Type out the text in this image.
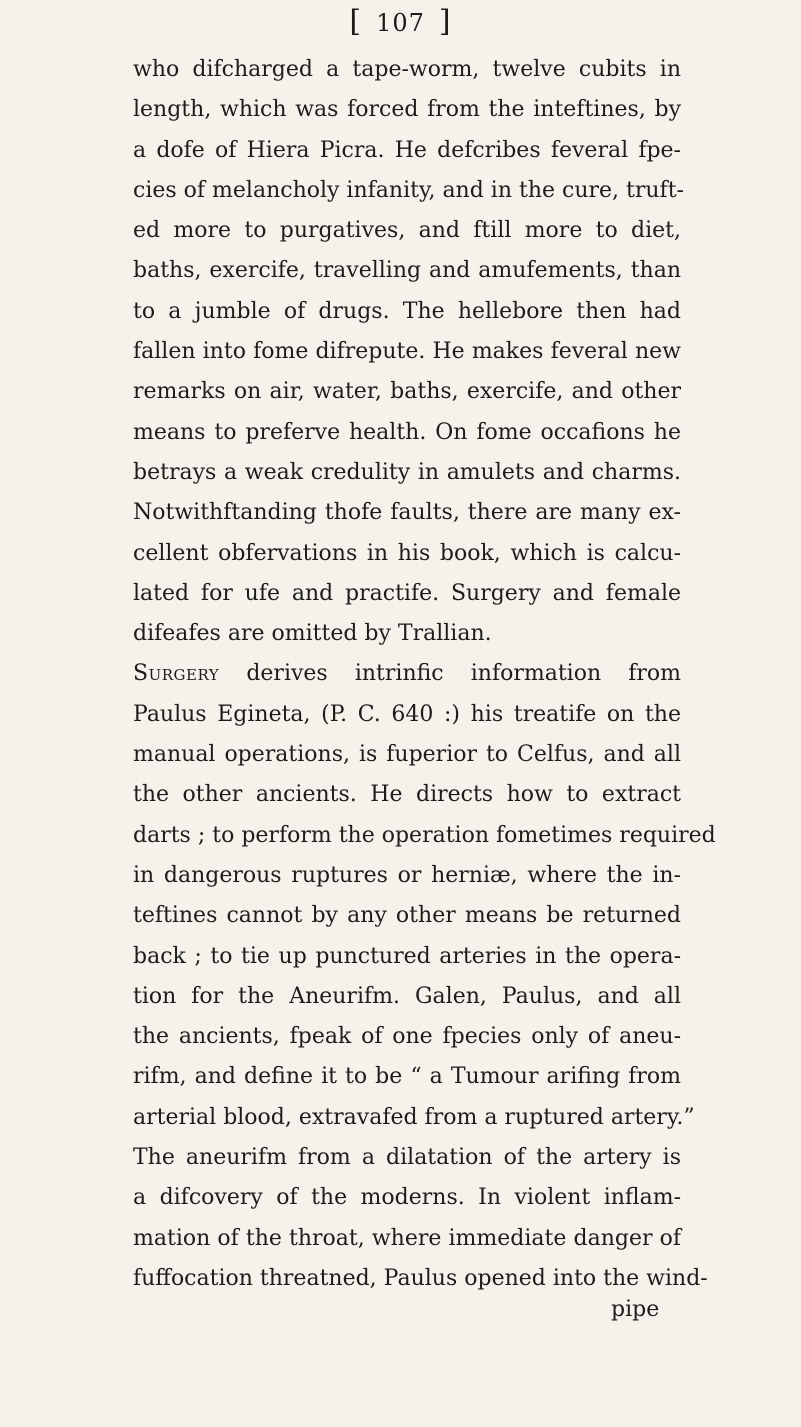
[ 107 ]
who difcharged a tape-worm, twelve cubits in
length, which was forced from the inteftines, by
a dofe of Hiera Picra. He defcribes feveral fpe-
cies of melancholy infanity, and in the cure, truft-
ed more to purgatives, and ftill more to diet,
baths, exercife, travelling and amufements, than
to a jumble of drugs. The hellebore then had
fallen into fome difrepute. He makes feveral new
remarks on air, water, baths, exercife, and other
means to preferve health. On fome occafions he
betrays a weak credulity in amulets and charms.
Notwithftanding thofe faults, there are many ex-
cellent obfervations in his book, which is calcu-
lated for ufe and practife. Surgery and female
difeafes are omitted by Trallian.
Surgery derives intrinfic information from
Paulus Egineta, (P. C. 640 :) his treatife on the
manual operations, is fuperior to Celfus, and all
the other ancients. He directs how to extract
darts ; to perform the operation fometimes required
in dangerous ruptures or herniæ, where the in-
teftines cannot by any other means be returned
back ; to tie up punctured arteries in the opera-
tion for the Aneurifm. Galen, Paulus, and all
the ancients, fpeak of one fpecies only of aneu-
rifm, and define it to be “ a Tumour arifing from
arterial blood, extravafed from a ruptured artery.”
The aneurifm from a dilatation of the artery is
a difcovery of the moderns. In violent inflam-
mation of the throat, where immediate danger of
fuffocation threatned, Paulus opened into the wind-
pipe
